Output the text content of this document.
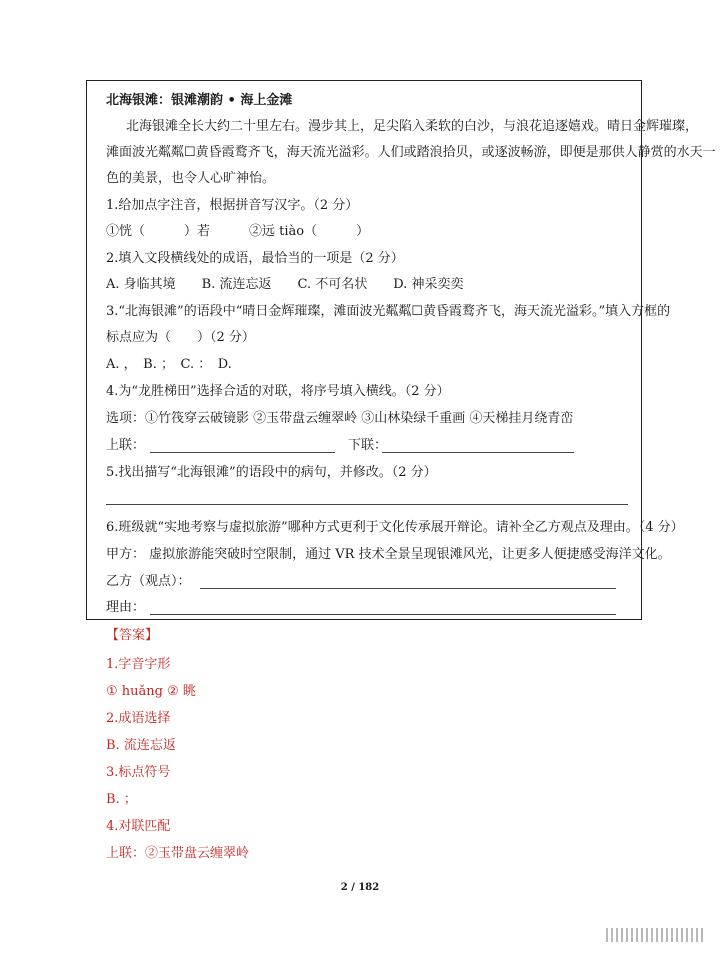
北海银滩：银滩潮韵 • 海上金滩
北海银滩全长大约二十里左右。漫步其上，足尖陷入柔软的白沙，与浪花追逐嬉戏。晴日金辉璀璨，
滩面波光粼粼☐黄昏霞鹜齐飞，海天流光溢彩。人们或踏浪拾贝，或逐波畅游，即便是那供人静赏的水天一
色的美景，也令人心旷神怡。
1.给加点字注音，根据拼音写汉字。（2 分）
①恍（　　　）若　　　②远 tiào（　　　）
2.填入文段横线处的成语，最恰当的一项是（2 分）
A. 身临其境　　B. 流连忘返　　C. 不可名状　　D. 神采奕奕
3.“北海银滩”的语段中“晴日金辉璀璨，滩面波光粼粼☐黄昏霞鹜齐飞，海天流光溢彩。”填入方框的
标点应为（　　）（2 分）
A. ，　B. ；　C. ：　D.
4.为“龙胜梯田”选择合适的对联，将序号填入横线。（2 分）
选项：①竹筏穿云破镜影 ②玉带盘云缠翠岭 ③山林染绿千重画 ④天梯挂月绕青峦
上联：	下联：
5.找出描写“北海银滩”的语段中的病句，并修改。（2 分）
6.班级就“实地考察与虚拟旅游”哪种方式更利于文化传承展开辩论。请补全乙方观点及理由。（4 分）
甲方： 虚拟旅游能突破时空限制，通过 VR 技术全景呈现银滩风光，让更多人便捷感受海洋文化。
乙方（观点）：
理由：
【答案】
1.字音字形
① huǎng ② 眺
2.成语选择
B. 流连忘返
3.标点符号
B. ；
4.对联匹配
上联：②玉带盘云缠翠岭
2 / 182
